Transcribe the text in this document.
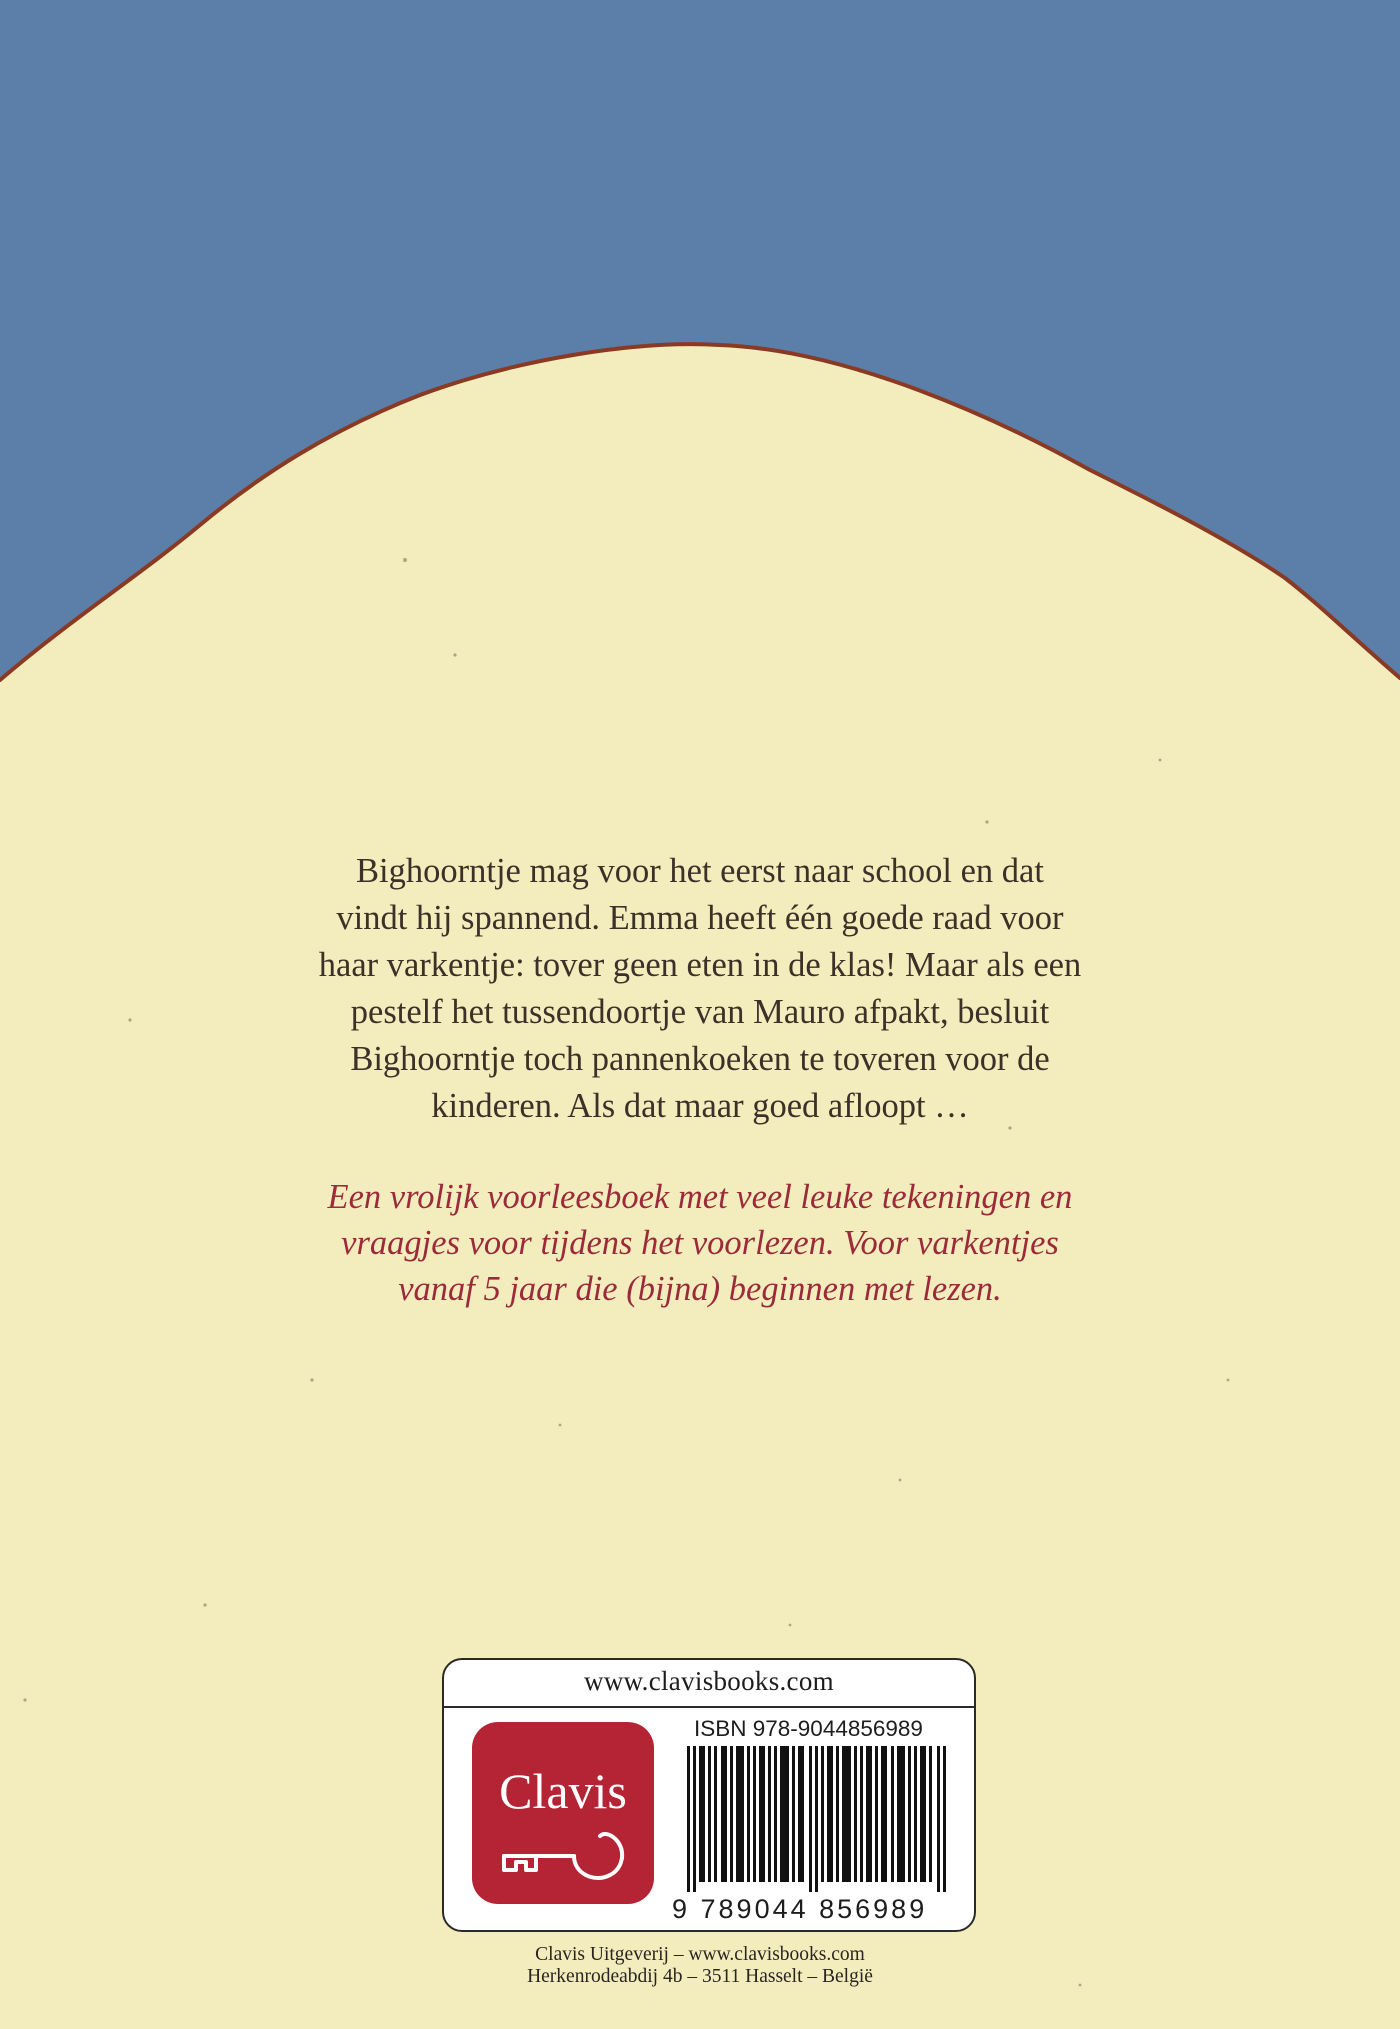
Bighoorntje mag voor het eerst naar school en dat
vindt hij spannend. Emma heeft één goede raad voor
haar varkentje: tover geen eten in de klas! Maar als een
pestelf het tussendoortje van Mauro afpakt, besluit
Bighoorntje toch pannenkoeken te toveren voor de
kinderen. Als dat maar goed afloopt …

Een vrolijk voorleesboek met veel leuke tekeningen en
vraagjes voor tijdens het voorlezen. Voor varkentjes
vanaf 5 jaar die (bijna) beginnen met lezen.

www.clavisbooks.com
Clavis
ISBN 978-9044856989
9 789044 856989
Clavis Uitgeverij – www.clavisbooks.com
Herkenrodeabdij 4b – 3511 Hasselt – België
